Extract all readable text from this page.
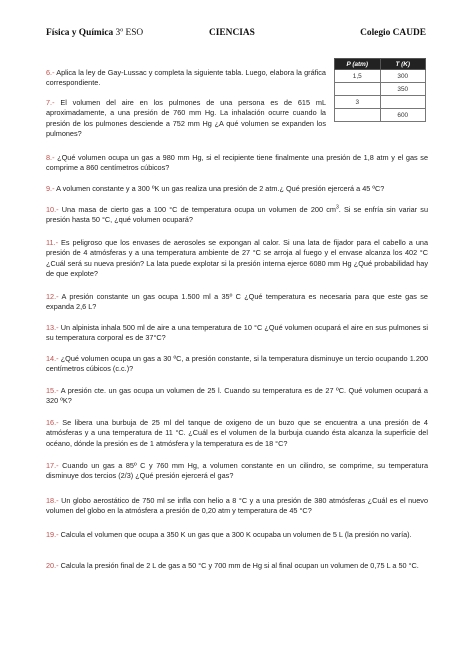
Física y Química 3º ESO	CIENCIAS	Colegio CAUDE
P (atm)	T (K)
1,5	300
	350
3	
	600

6.- Aplica la ley de Gay-Lussac y completa la siguiente tabla. Luego, elabora la gráfica correspondiente.

7.- El volumen del aire en los pulmones de una persona es de 615 mL aproximadamente, a una presión de 760 mm Hg. La inhalación ocurre cuando la presión de los pulmones desciende a 752 mm Hg ¿A qué volumen se expanden los pulmones?

8.- ¿Qué volumen ocupa un gas a 980 mm Hg, si el recipiente tiene finalmente una presión de 1,8 atm y el gas se comprime a 860 centímetros cúbicos?

9.- A volumen constante y a 300 ºK un gas realiza una presión de 2 atm.¿ Qué presión ejercerá a 45 ºC?

10.- Una masa de cierto gas a 100 °C de temperatura ocupa un volumen de 200 $cm^3$. Si se enfría sin variar su presión hasta 50 °C, ¿qué volumen ocupará?

11.- Es peligroso que los envases de aerosoles se expongan al calor. Si una lata de fijador para el cabello a una presión de 4 atmósferas y a una temperatura ambiente de 27 °C se arroja al fuego y el envase alcanza los 402 °C ¿Cuál será su nueva presión? La lata puede explotar si la presión interna ejerce 6080 mm Hg ¿Qué probabilidad hay de que explote?

12.- A presión constante un gas ocupa 1.500 ml a 35º C ¿Qué temperatura es necesaria para que este gas se expanda 2,6 L?

13.- Un alpinista inhala 500 ml de aire a una temperatura de 10 °C ¿Qué volumen ocupará el aire en sus pulmones si su temperatura corporal es de 37°C?

14.- ¿Qué volumen ocupa un gas a 30 ºC, a presión constante, si la temperatura disminuye un tercio ocupando 1.200 centímetros cúbicos (c.c.)?

15.- A presión cte. un gas ocupa un volumen de 25 l. Cuando su temperatura es de 27 ºC. Qué volumen ocupará a 320 ºK?

16.- Se libera una burbuja de 25 ml del tanque de oxigeno de un buzo que se encuentra a una presión de 4 atmósferas y a una temperatura de 11 °C. ¿Cuál es el volumen de la burbuja cuando ésta alcanza la superficie del océano, dónde la presión es de 1 atmósfera y la temperatura es de 18 °C?

17.- Cuando un gas a 85º C y 760 mm Hg, a volumen constante en un cilindro, se comprime, su temperatura disminuye dos tercios (2/3) ¿Qué presión ejercerá el gas?

18.- Un globo aerostático de 750 ml se infla con helio a 8 °C y a una presión de 380 atmósferas ¿Cuál es el nuevo volumen del globo en la atmósfera a presión de 0,20 atm y temperatura de 45 °C?

19.- Calcula el volumen que ocupa a 350 K un gas que a 300 K ocupaba un volumen de 5 L (la presión no varía).

20.- Calcula la presión final de 2 L de gas a 50 °C y 700 mm de Hg si al final ocupan un volumen de 0,75 L a 50 °C.
